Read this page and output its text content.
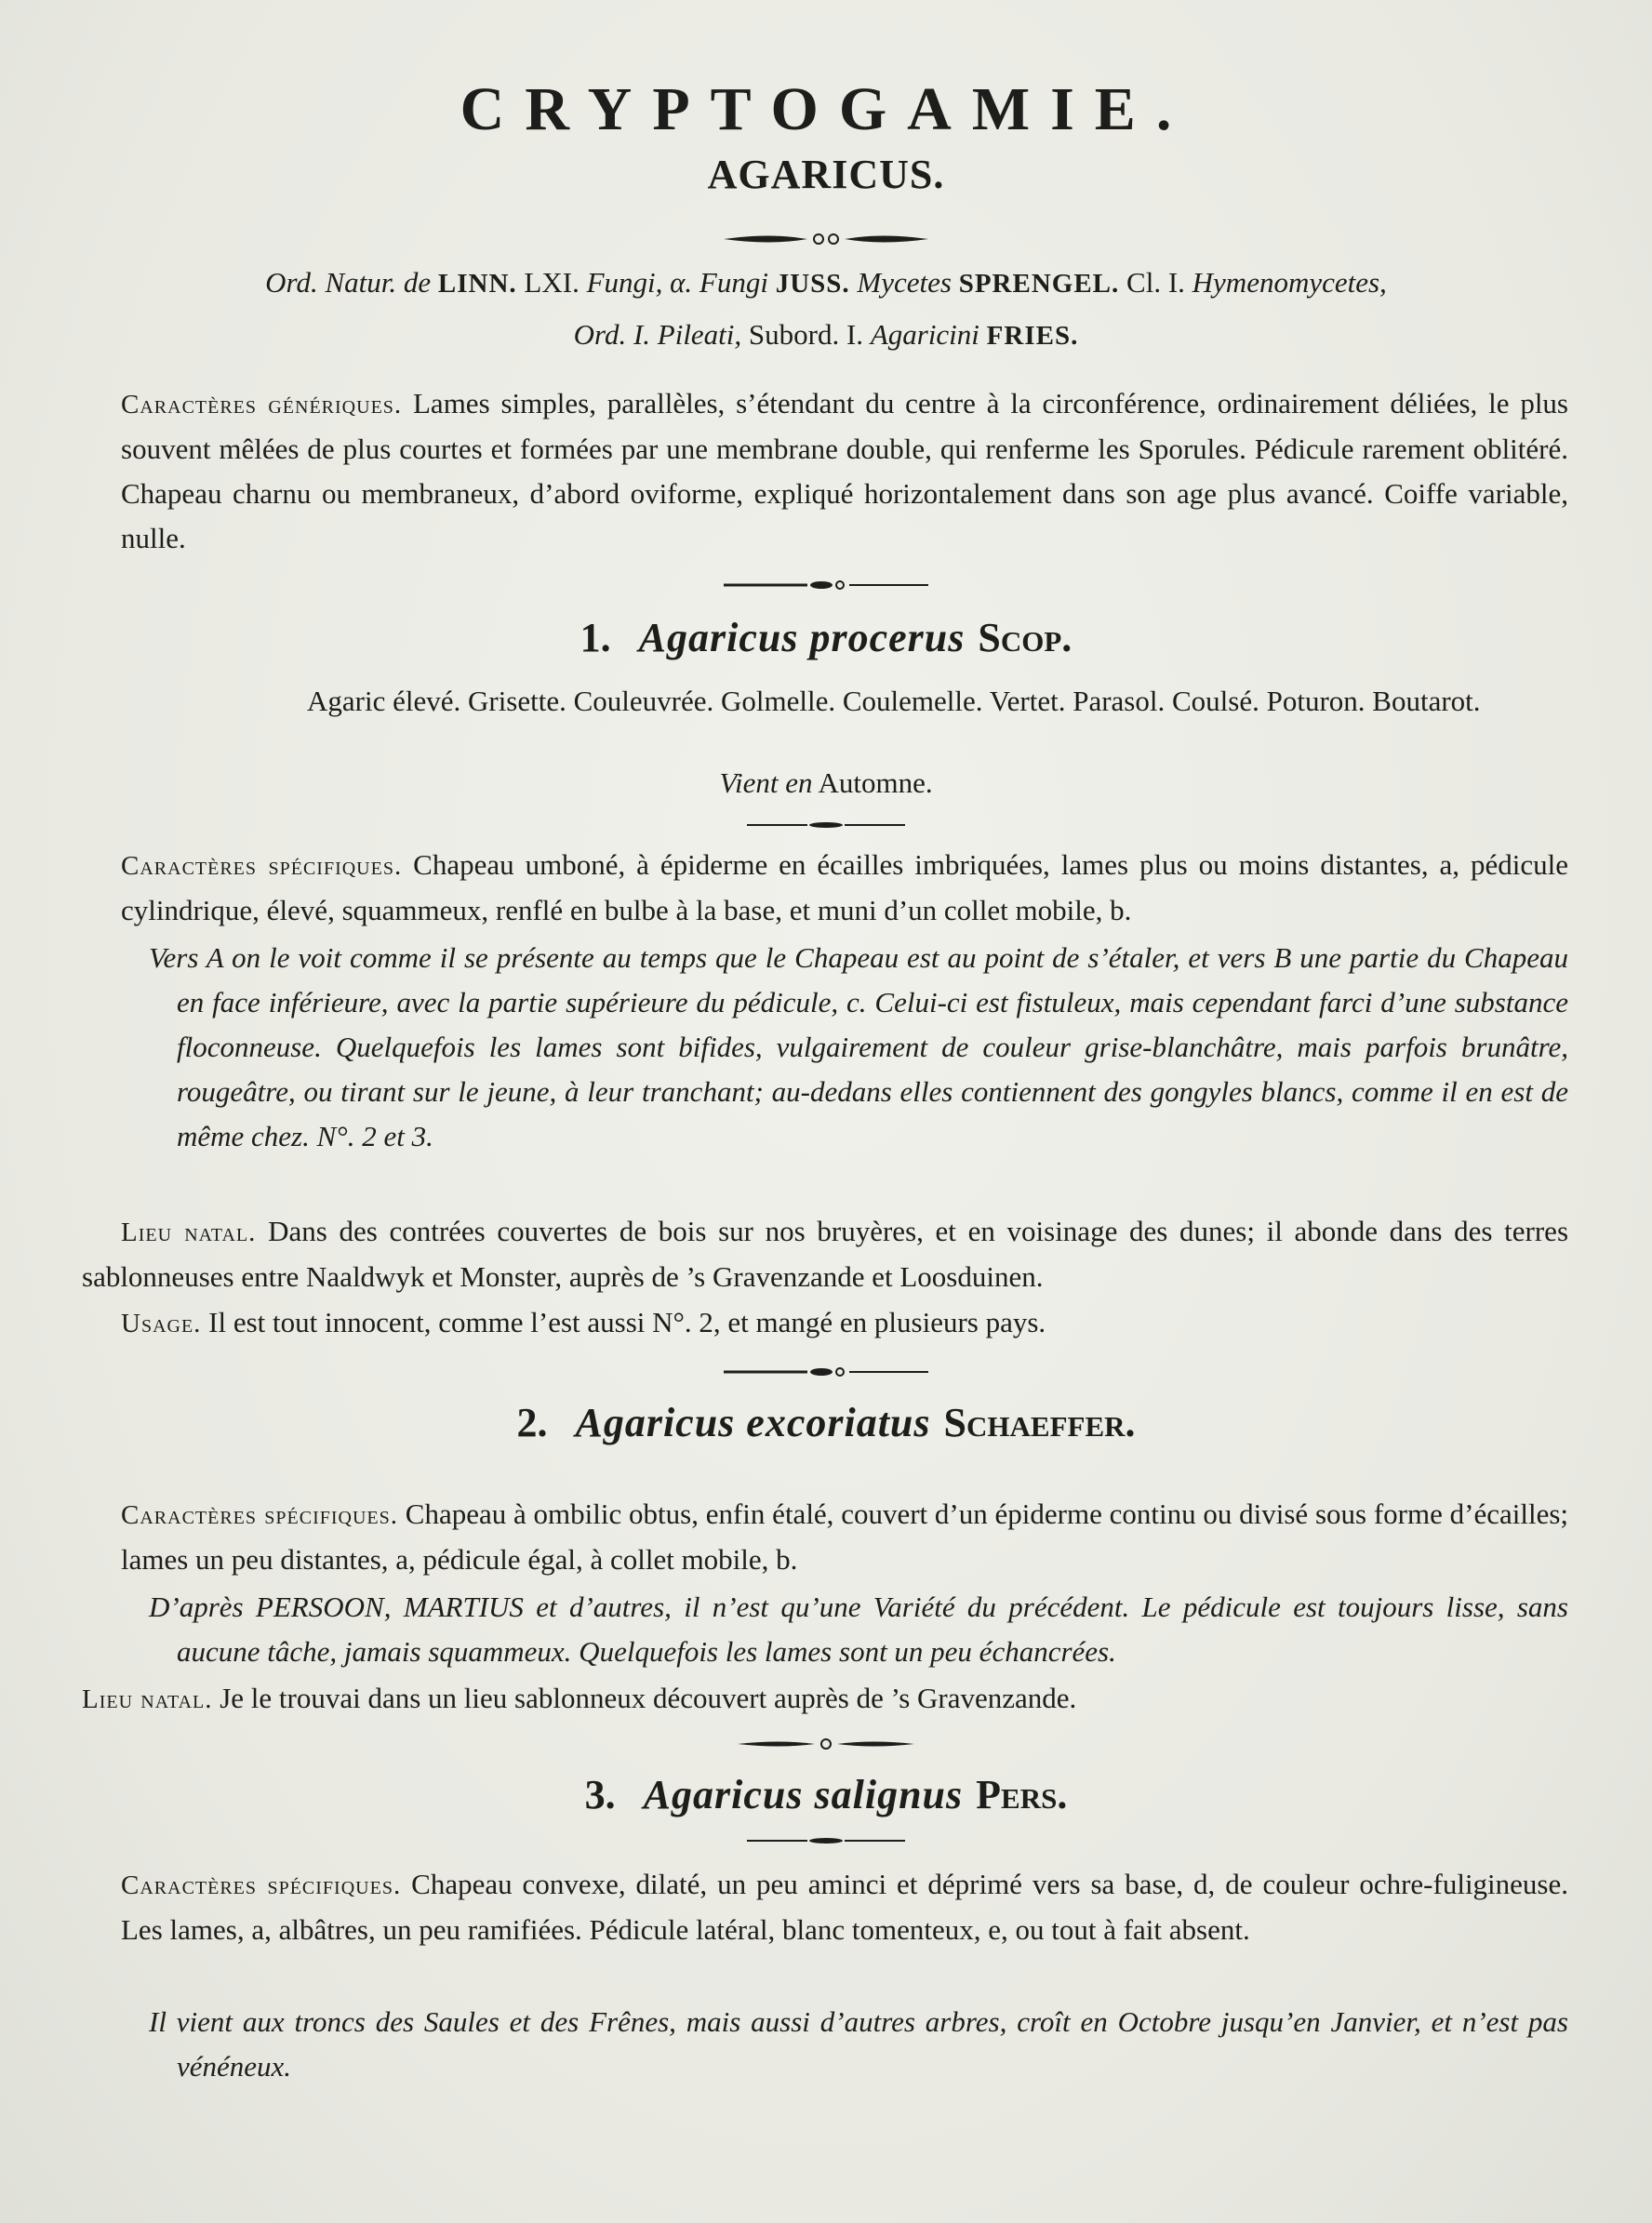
CRYPTOGAMIE.
AGARICUS.
Ord. Natur. de LINN. LXI. Fungi, α. Fungi JUSS. Mycetes SPRENGEL. Cl. I. Hymenomycetes,
Ord. I. Pileati, Subord. I. Agaricini FRIES.
Caractères génériques. Lames simples, parallèles, s’étendant du centre à la circonférence, ordinairement déliées, le plus souvent mêlées de plus courtes et formées par une membrane double, qui renferme les Sporules. Pédicule rarement oblitéré. Chapeau charnu ou membraneux, d’abord oviforme, expliqué horizontalement dans son age plus avancé. Coiffe variable, nulle.
1. Agaricus procerus Scop.
Agaric élevé. Grisette. Couleuvrée. Golmelle. Coulemelle. Vertet. Parasol. Coulsé. Poturon. Boutarot.
Vient en Automne.
Caractères spécifiques. Chapeau umboné, à épiderme en écailles imbriquées, lames plus ou moins distantes, a, pédicule cylindrique, élevé, squammeux, renflé en bulbe à la base, et muni d’un collet mobile, b.
Vers A on le voit comme il se présente au temps que le Chapeau est au point de s’étaler, et vers B une partie du Chapeau en face inférieure, avec la partie supérieure du pédicule, c. Celui-ci est fistuleux, mais cependant farci d’une substance floconneuse. Quelquefois les lames sont bifides, vulgairement de couleur grise-blanchâtre, mais parfois brunâtre, rougeâtre, ou tirant sur le jeune, à leur tranchant; au-dedans elles contiennent des gongyles blancs, comme il en est de même chez. N°. 2 et 3.
Lieu natal. Dans des contrées couvertes de bois sur nos bruyères, et en voisinage des dunes; il abonde dans des terres sablonneuses entre Naaldwyk et Monster, auprès de ’s Gravenzande et Loosduinen.
Usage. Il est tout innocent, comme l’est aussi N°. 2, et mangé en plusieurs pays.
2. Agaricus excoriatus Schaeffer.
Caractères spécifiques. Chapeau à ombilic obtus, enfin étalé, couvert d’un épiderme continu ou divisé sous forme d’écailles; lames un peu distantes, a, pédicule égal, à collet mobile, b.
D’après PERSOON, MARTIUS et d’autres, il n’est qu’une Variété du précédent. Le pédicule est toujours lisse, sans aucune tâche, jamais squammeux. Quelquefois les lames sont un peu échancrées.
Lieu natal. Je le trouvai dans un lieu sablonneux découvert auprès de ’s Gravenzande.
3. Agaricus salignus Pers.
Caractères spécifiques. Chapeau convexe, dilaté, un peu aminci et déprimé vers sa base, d, de couleur ochre-fuligineuse. Les lames, a, albâtres, un peu ramifiées. Pédicule latéral, blanc tomenteux, e, ou tout à fait absent.
Il vient aux troncs des Saules et des Frênes, mais aussi d’autres arbres, croît en Octobre jusqu’en Janvier, et n’est pas vénéneux.
